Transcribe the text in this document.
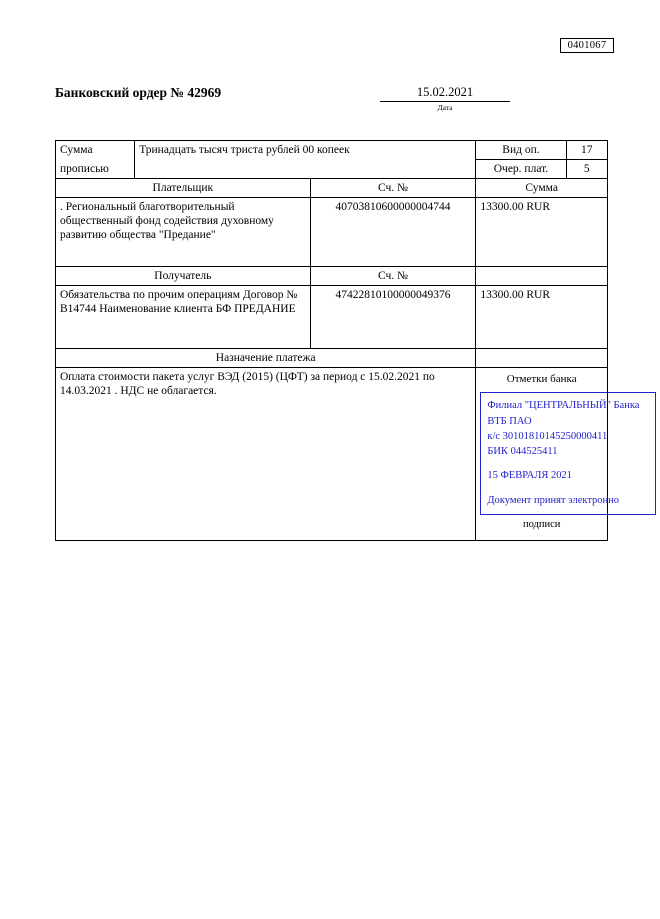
0401067
Банковский ордер № 42969	15.02.2021
Дата
Сумма	Тринадцать тысяч триста рублей 00 копеек		Вид оп.	17
прописью			Очер. плат.	5
Плательщик		Сч. №	Сумма	
. Региональный благотворительный общественный фонд содействия духовному развитию общества "Предание"		40703810600000004744	13300.00 RUR	
Получатель		Сч. №		
Обязательства по прочим операциям Договор № В14744 Наименование клиента БФ ПРЕДАНИЕ		47422810100000049376	13300.00 RUR	
Назначение платежа				
Оплата стоимости пакета услуг ВЭД (2015) (ЦФТ) за период с 15.02.2021 по 14.03.2021 . НДС не облагается.	
Отметки банка
Филиал "ЦЕНТРАЛЬНЫЙ" Банка
ВТБ ПАО
к/с 30101810145250000411
БИК 044525411
15 ФЕВРАЛЯ 2021
Документ принят электронно
подписи
